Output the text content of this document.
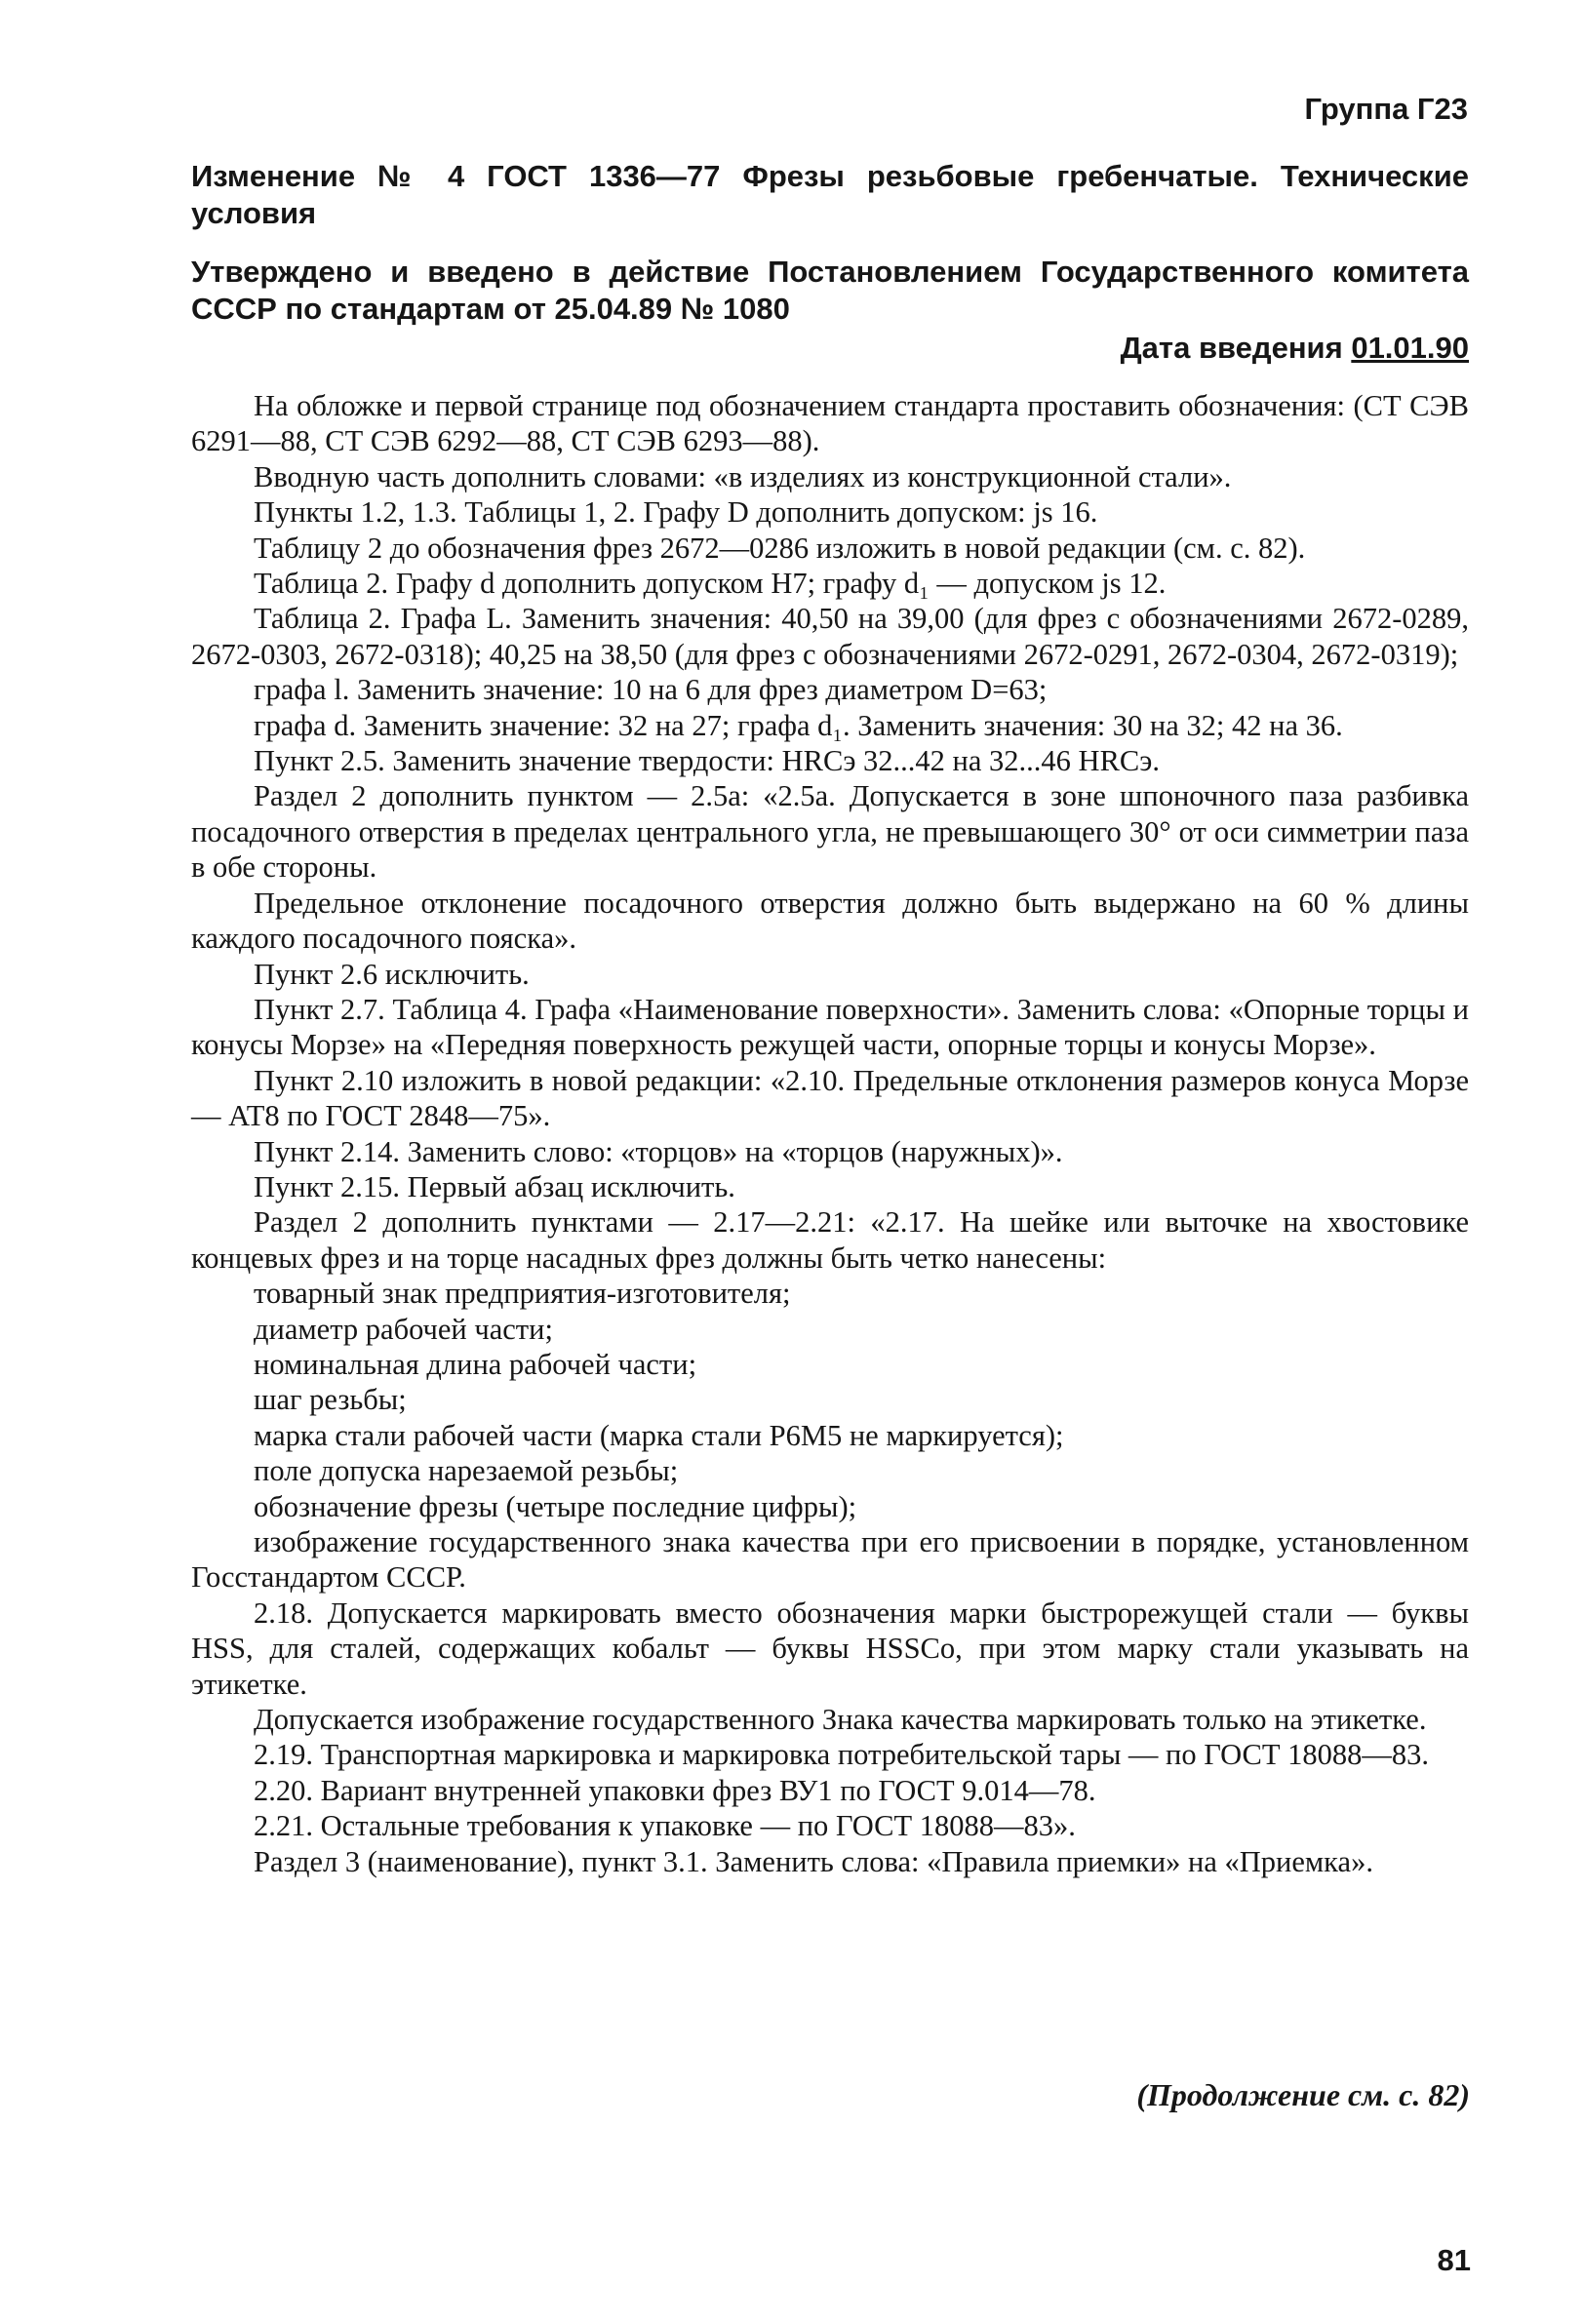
Группа Г23

Изменение № 4 ГОСТ 1336—77 Фрезы резьбовые гребенчатые. Технические условия

Утверждено и введено в действие Постановлением Государственного комитета СССР по стандартам от 25.04.89 № 1080

Дата введения 01.01.90

На обложке и первой странице под обозначением стандарта проставить обозначения: (СТ СЭВ 6291—88, СТ СЭВ 6292—88, СТ СЭВ 6293—88).

Вводную часть дополнить словами: «в изделиях из конструкционной стали».

Пункты 1.2, 1.3. Таблицы 1, 2. Графу D дополнить допуском: js 16.

Таблицу 2 до обозначения фрез 2672—0286 изложить в новой редакции (см. с. 82).

Таблица 2. Графу d дополнить допуском H7; графу d₁ — допуском js 12.

Таблица 2. Графа L. Заменить значения: 40,50 на 39,00 (для фрез с обозначениями 2672-0289, 2672-0303, 2672-0318); 40,25 на 38,50 (для фрез с обозначениями 2672-0291, 2672-0304, 2672-0319);

графа l. Заменить значение: 10 на 6 для фрез диаметром D=63;

графа d. Заменить значение: 32 на 27; графа d₁. Заменить значения: 30 на 32; 42 на 36.

Пункт 2.5. Заменить значение твердости: HRCэ 32...42 на 32...46 HRCэ.

Раздел 2 дополнить пунктом — 2.5а: «2.5а. Допускается в зоне шпоночного паза разбивка посадочного отверстия в пределах центрального угла, не превышающего 30° от оси симметрии паза в обе стороны.

Предельное отклонение посадочного отверстия должно быть выдержано на 60 % длины каждого посадочного пояска».

Пункт 2.6 исключить.

Пункт 2.7. Таблица 4. Графа «Наименование поверхности». Заменить слова: «Опорные торцы и конусы Морзе» на «Передняя поверхность режущей части, опорные торцы и конусы Морзе».

Пункт 2.10 изложить в новой редакции: «2.10. Предельные отклонения размеров конуса Морзе — AT8 по ГОСТ 2848—75».

Пункт 2.14. Заменить слово: «торцов» на «торцов (наружных)».

Пункт 2.15. Первый абзац исключить.

Раздел 2 дополнить пунктами — 2.17—2.21: «2.17. На шейке или выточке на хвостовике концевых фрез и на торце насадных фрез должны быть четко нанесены:

товарный знак предприятия-изготовителя;

диаметр рабочей части;

номинальная длина рабочей части;

шаг резьбы;

марка стали рабочей части (марка стали Р6М5 не маркируется);

поле допуска нарезаемой резьбы;

обозначение фрезы (четыре последние цифры);

изображение государственного знака качества при его присвоении в порядке, установленном Госстандартом СССР.

2.18. Допускается маркировать вместо обозначения марки быстрорежущей стали — буквы HSS, для сталей, содержащих кобальт — буквы HSSCo, при этом марку стали указывать на этикетке.

Допускается изображение государственного Знака качества маркировать только на этикетке.

2.19. Транспортная маркировка и маркировка потребительской тары — по ГОСТ 18088—83.

2.20. Вариант внутренней упаковки фрез ВУ1 по ГОСТ 9.014—78.

2.21. Остальные требования к упаковке — по ГОСТ 18088—83».

Раздел 3 (наименование), пункт 3.1. Заменить слова: «Правила приемки» на «Приемка».

(Продолжение см. с. 82)

81
